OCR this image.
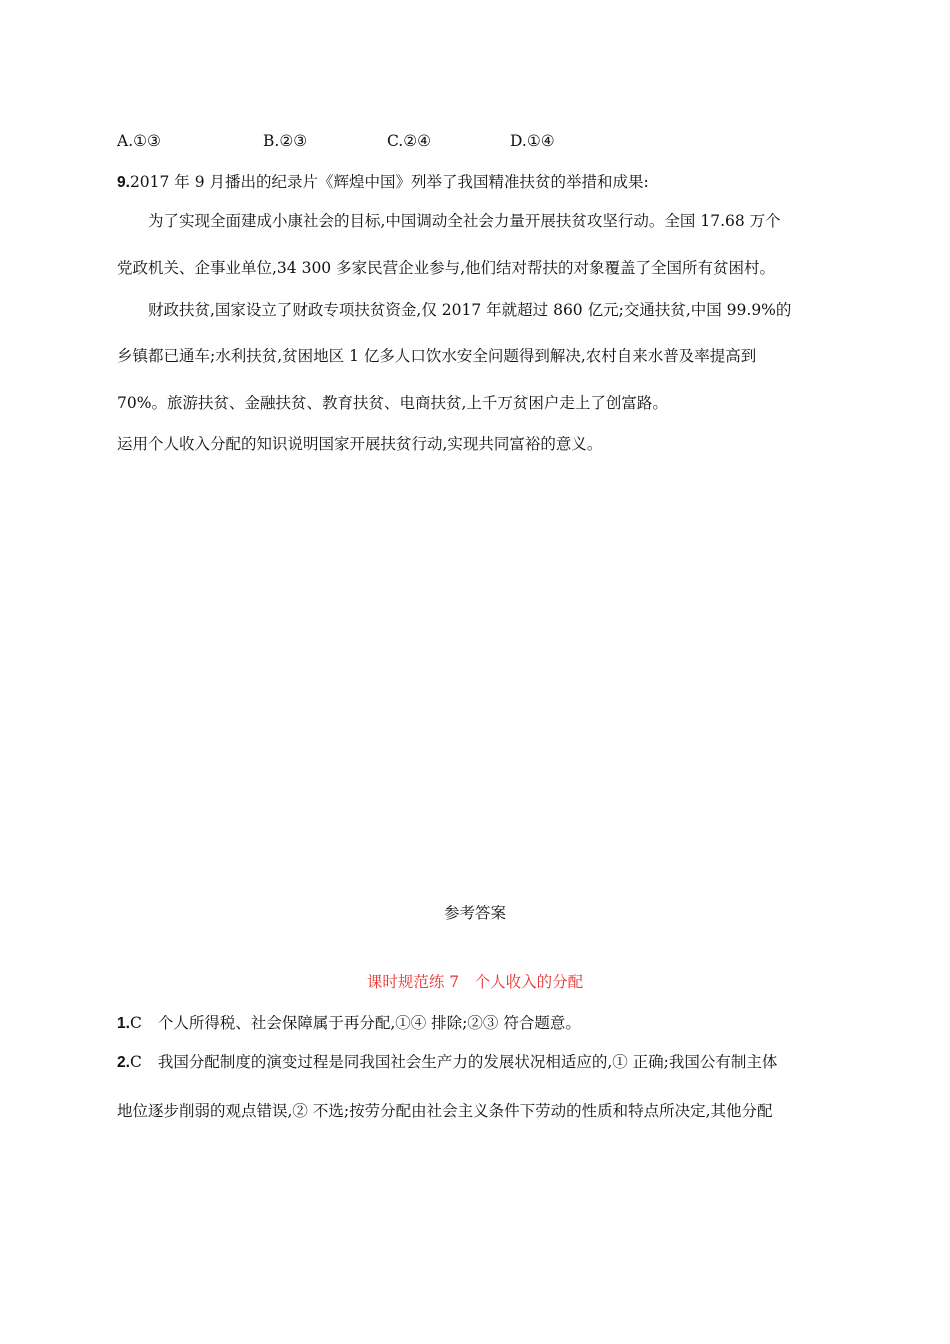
A.①③	B.②③	C.②④	D.①④
9.2017 年 9 月播出的纪录片《辉煌中国》列举了我国精准扶贫的举措和成果:
为了实现全面建成小康社会的目标,中国调动全社会力量开展扶贫攻坚行动。全国 17.68 万个
党政机关、企事业单位,34 300 多家民营企业参与,他们结对帮扶的对象覆盖了全国所有贫困村。
财政扶贫,国家设立了财政专项扶贫资金,仅 2017 年就超过 860 亿元;交通扶贫,中国 99.9%的
乡镇都已通车;水利扶贫,贫困地区 1 亿多人口饮水安全问题得到解决,农村自来水普及率提高到
70%。旅游扶贫、金融扶贫、教育扶贫、电商扶贫,上千万贫困户走上了创富路。
运用个人收入分配的知识说明国家开展扶贫行动,实现共同富裕的意义。
参考答案
课时规范练 7　个人收入的分配
1.C 个人所得税、社会保障属于再分配,①④ 排除;②③ 符合题意。
2.C 我国分配制度的演变过程是同我国社会生产力的发展状况相适应的,① 正确;我国公有制主体
地位逐步削弱的观点错误,② 不选;按劳分配由社会主义条件下劳动的性质和特点所决定,其他分配
